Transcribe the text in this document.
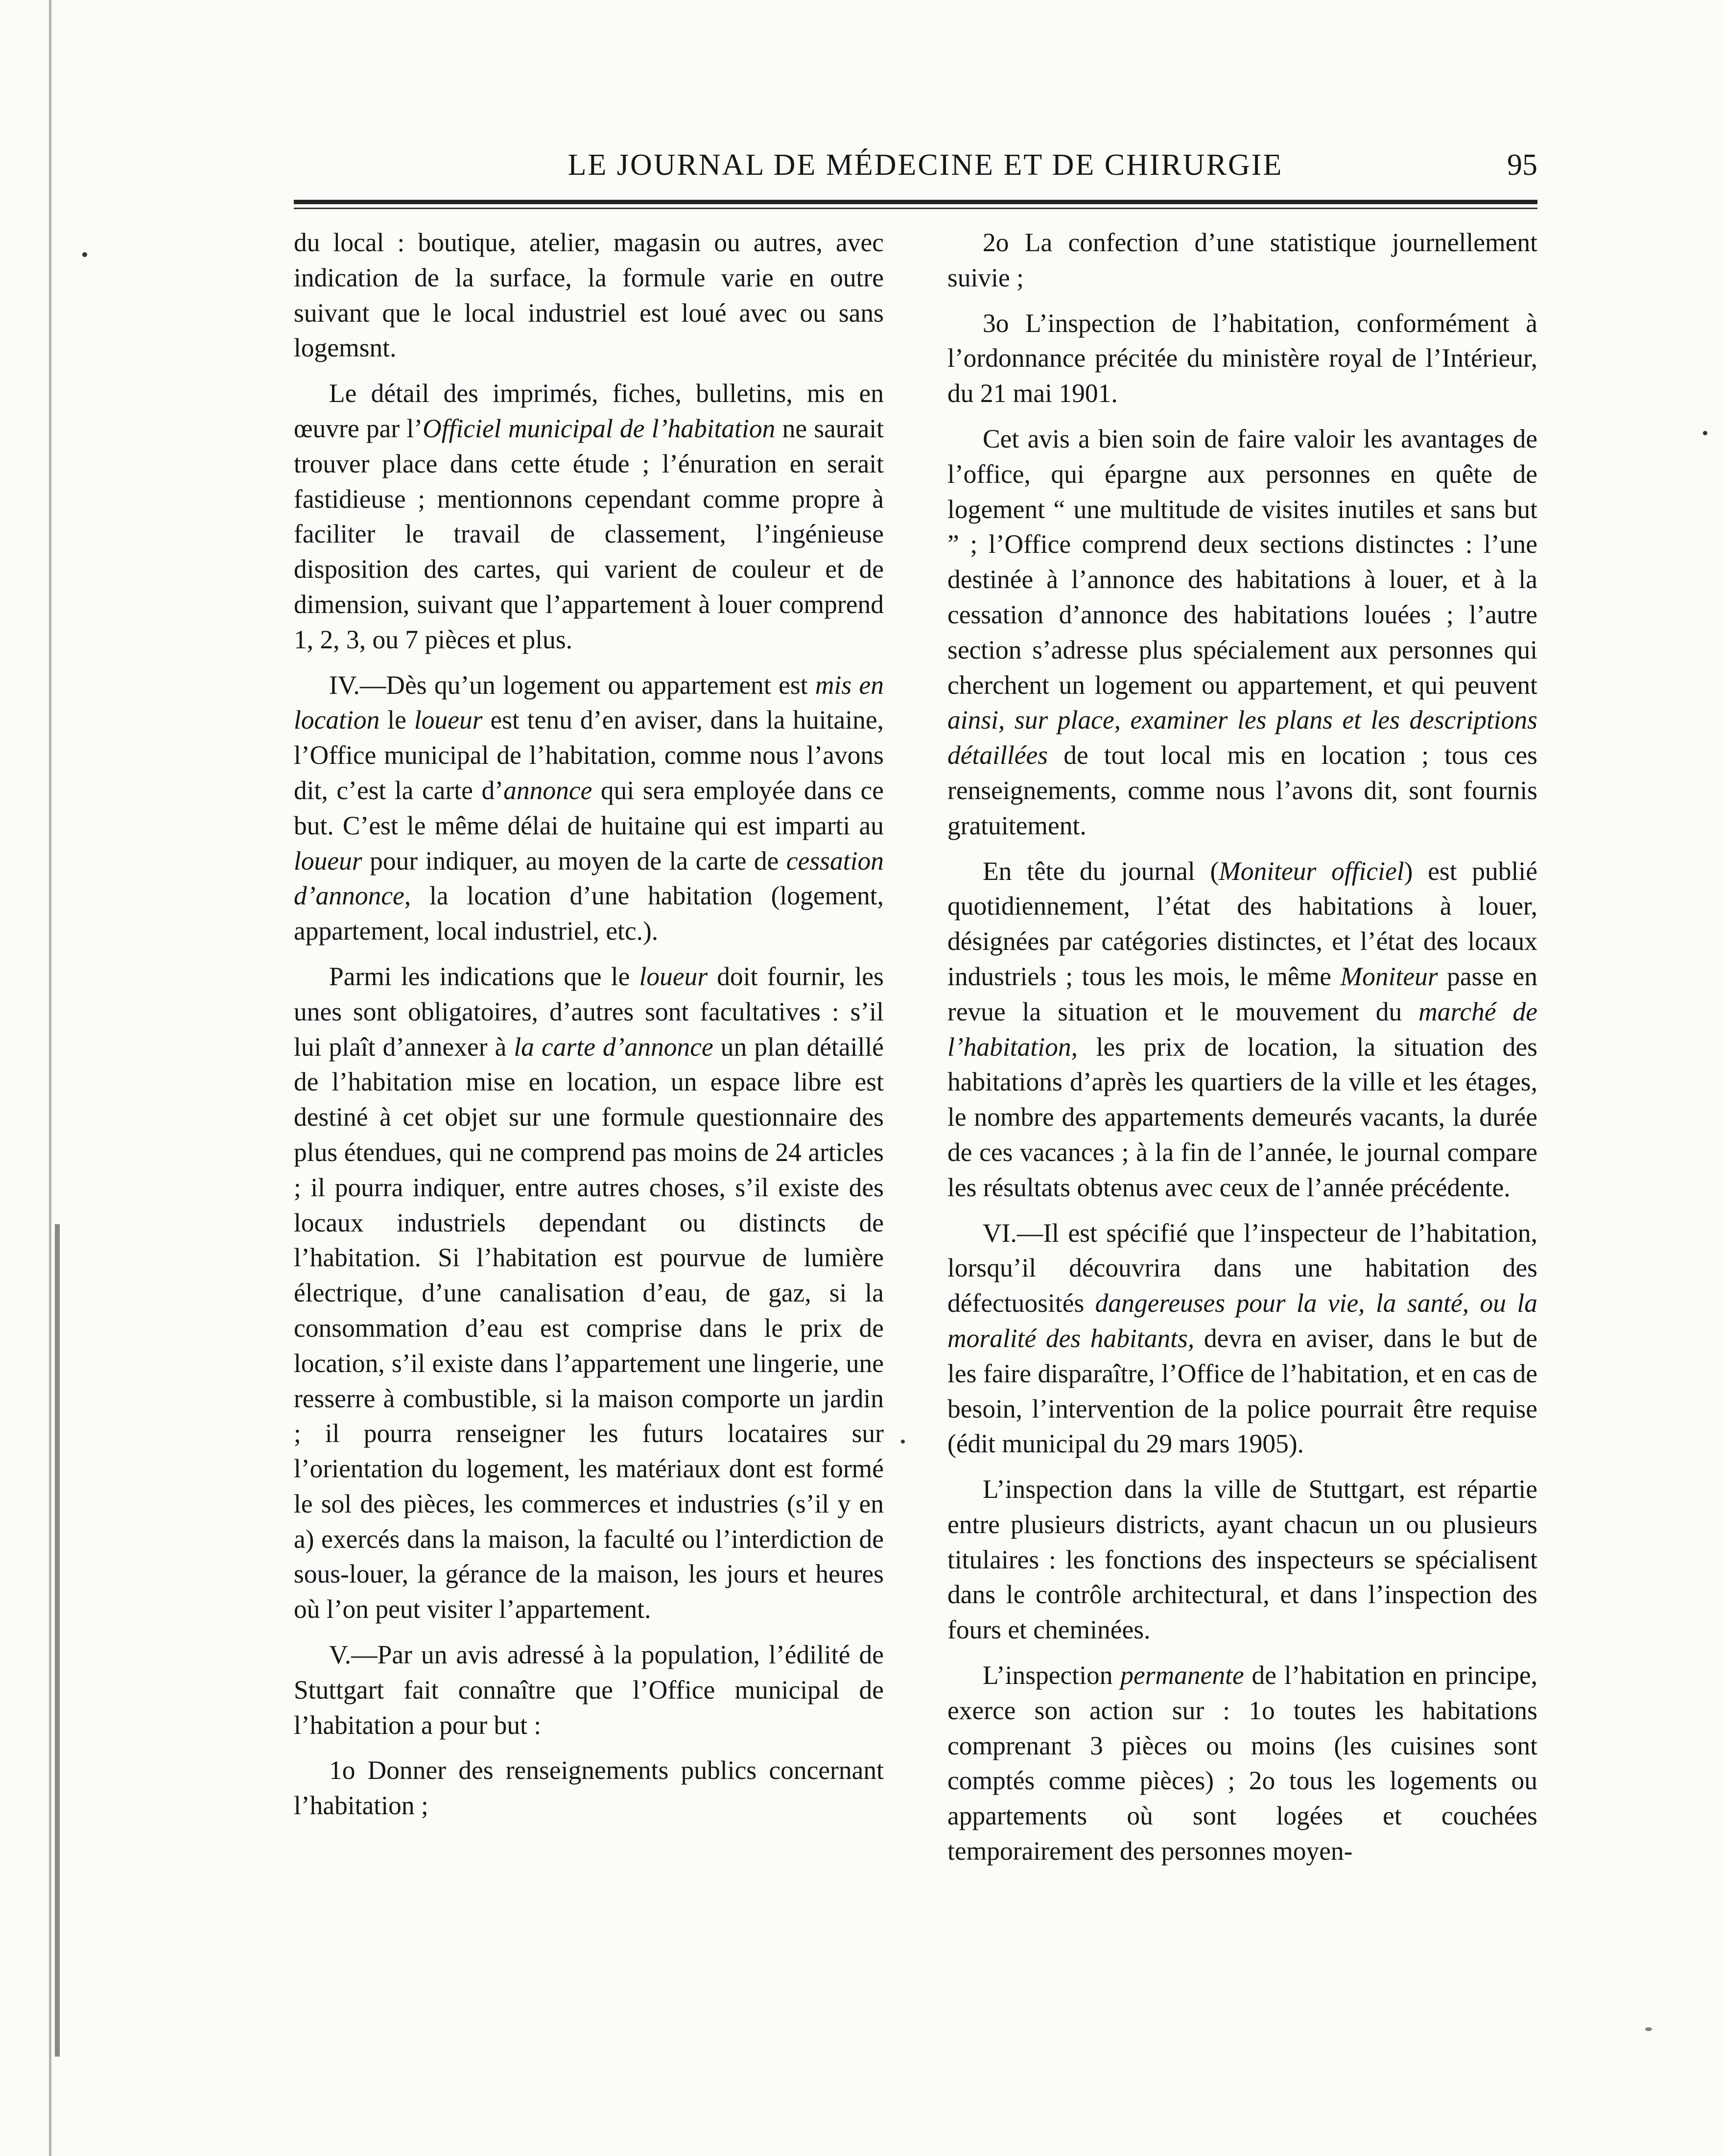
LE JOURNAL DE MÉDECINE ET DE CHIRURGIE	95

du local : boutique, atelier, magasin ou autres, avec indication de la surface, la formule varie en outre suivant que le local industriel est loué avec ou sans logemsnt.

Le détail des imprimés, fiches, bulletins, mis en œuvre par l’Officiel municipal de l’habitation ne saurait trouver place dans cette étude ; l’énuration en serait fastidieuse ; mentionnons cependant comme propre à faciliter le travail de classement, l’ingénieuse disposition des cartes, qui varient de couleur et de dimension, suivant que l’appartement à louer comprend 1, 2, 3, ou 7 pièces et plus.

IV.—Dès qu’un logement ou appartement est mis en location le loueur est tenu d’en aviser, dans la huitaine, l’Office municipal de l’habitation, comme nous l’avons dit, c’est la carte d’annonce qui sera employée dans ce but. C’est le même délai de huitaine qui est imparti au loueur pour indiquer, au moyen de la carte de cessation d’annonce, la location d’une habitation (logement, appartement, local industriel, etc.).

Parmi les indications que le loueur doit fournir, les unes sont obligatoires, d’autres sont facultatives : s’il lui plaît d’annexer à la carte d’annonce un plan détaillé de l’habitation mise en location, un espace libre est destiné à cet objet sur une formule questionnaire des plus étendues, qui ne comprend pas moins de 24 articles ; il pourra indiquer, entre autres choses, s’il existe des locaux industriels dependant ou distincts de l’habitation. Si l’habitation est pourvue de lumière électrique, d’une canalisation d’eau, de gaz, si la consommation d’eau est comprise dans le prix de location, s’il existe dans l’appartement une lingerie, une resserre à combustible, si la maison comporte un jardin ; il pourra renseigner les futurs locataires sur l’orientation du logement, les matériaux dont est formé le sol des pièces, les commerces et industries (s’il y en a) exercés dans la maison, la faculté ou l’interdiction de sous-louer, la gérance de la maison, les jours et heures où l’on peut visiter l’appartement.

V.—Par un avis adressé à la population, l’édilité de Stuttgart fait connaître que l’Office municipal de l’habitation a pour but :

1o Donner des renseignements publics concernant l’habitation ;

2o La confection d’une statistique journellement suivie ;

3o L’inspection de l’habitation, conformément à l’ordonnance précitée du ministère royal de l’Intérieur, du 21 mai 1901.

Cet avis a bien soin de faire valoir les avantages de l’office, qui épargne aux personnes en quête de logement “ une multitude de visites inutiles et sans but ” ; l’Office comprend deux sections distinctes : l’une destinée à l’annonce des habitations à louer, et à la cessation d’annonce des habitations louées ; l’autre section s’adresse plus spécialement aux personnes qui cherchent un logement ou appartement, et qui peuvent ainsi, sur place, examiner les plans et les descriptions détaillées de tout local mis en location ; tous ces renseignements, comme nous l’avons dit, sont fournis gratuitement.

En tête du journal (Moniteur officiel) est publié quotidiennement, l’état des habitations à louer, désignées par catégories distinctes, et l’état des locaux industriels ; tous les mois, le même Moniteur passe en revue la situation et le mouvement du marché de l’habitation, les prix de location, la situation des habitations d’après les quartiers de la ville et les étages, le nombre des appartements demeurés vacants, la durée de ces vacances ; à la fin de l’année, le journal compare les résultats obtenus avec ceux de l’année précédente.

VI.—Il est spécifié que l’inspecteur de l’habitation, lorsqu’il découvrira dans une habitation des défectuosités dangereuses pour la vie, la santé, ou la moralité des habitants, devra en aviser, dans le but de les faire disparaître, l’Office de l’habitation, et en cas de besoin, l’intervention de la police pourrait être requise (édit municipal du 29 mars 1905).

L’inspection dans la ville de Stuttgart, est répartie entre plusieurs districts, ayant chacun un ou plusieurs titulaires : les fonctions des inspecteurs se spécialisent dans le contrôle architectural, et dans l’inspection des fours et cheminées.

L’inspection permanente de l’habitation en principe, exerce son action sur : 1o toutes les habitations comprenant 3 pièces ou moins (les cuisines sont comptés comme pièces) ; 2o tous les logements ou appartements où sont logées et couchées temporairement des personnes moyen-
